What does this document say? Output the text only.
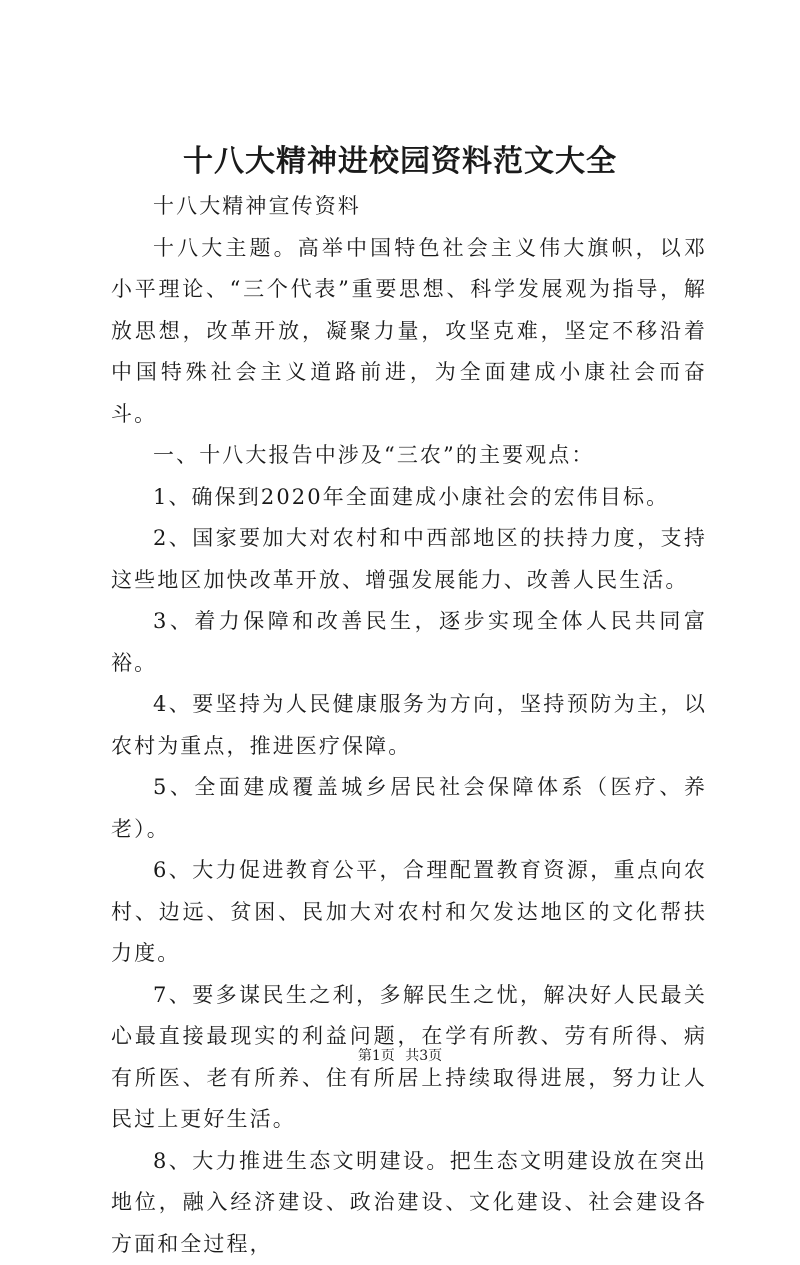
十八大精神进校园资料范文大全

十八大精神宣传资料

十八大主题。高举中国特色社会主义伟大旗帜，以邓小平理论、“三个代表”重要思想、科学发展观为指导，解放思想，改革开放，凝聚力量，攻坚克难，坚定不移沿着中国特殊社会主义道路前进，为全面建成小康社会而奋斗。

一、十八大报告中涉及“三农”的主要观点：

1、确保到2020年全面建成小康社会的宏伟目标。

2、国家要加大对农村和中西部地区的扶持力度，支持这些地区加快改革开放、增强发展能力、改善人民生活。

3、着力保障和改善民生，逐步实现全体人民共同富裕。

4、要坚持为人民健康服务为方向，坚持预防为主，以农村为重点，推进医疗保障。

5、全面建成覆盖城乡居民社会保障体系（医疗、养老）。

6、大力促进教育公平，合理配置教育资源，重点向农村、边远、贫困、民加大对农村和欠发达地区的文化帮扶力度。

7、要多谋民生之利，多解民生之忧，解决好人民最关心最直接最现实的利益问题，在学有所教、劳有所得、病有所医、老有所养、住有所居上持续取得进展，努力让人民过上更好生活。

8、大力推进生态文明建设。把生态文明建设放在突出地位，融入经济建设、政治建设、文化建设、社会建设各方面和全过程，

第1页 共3页
